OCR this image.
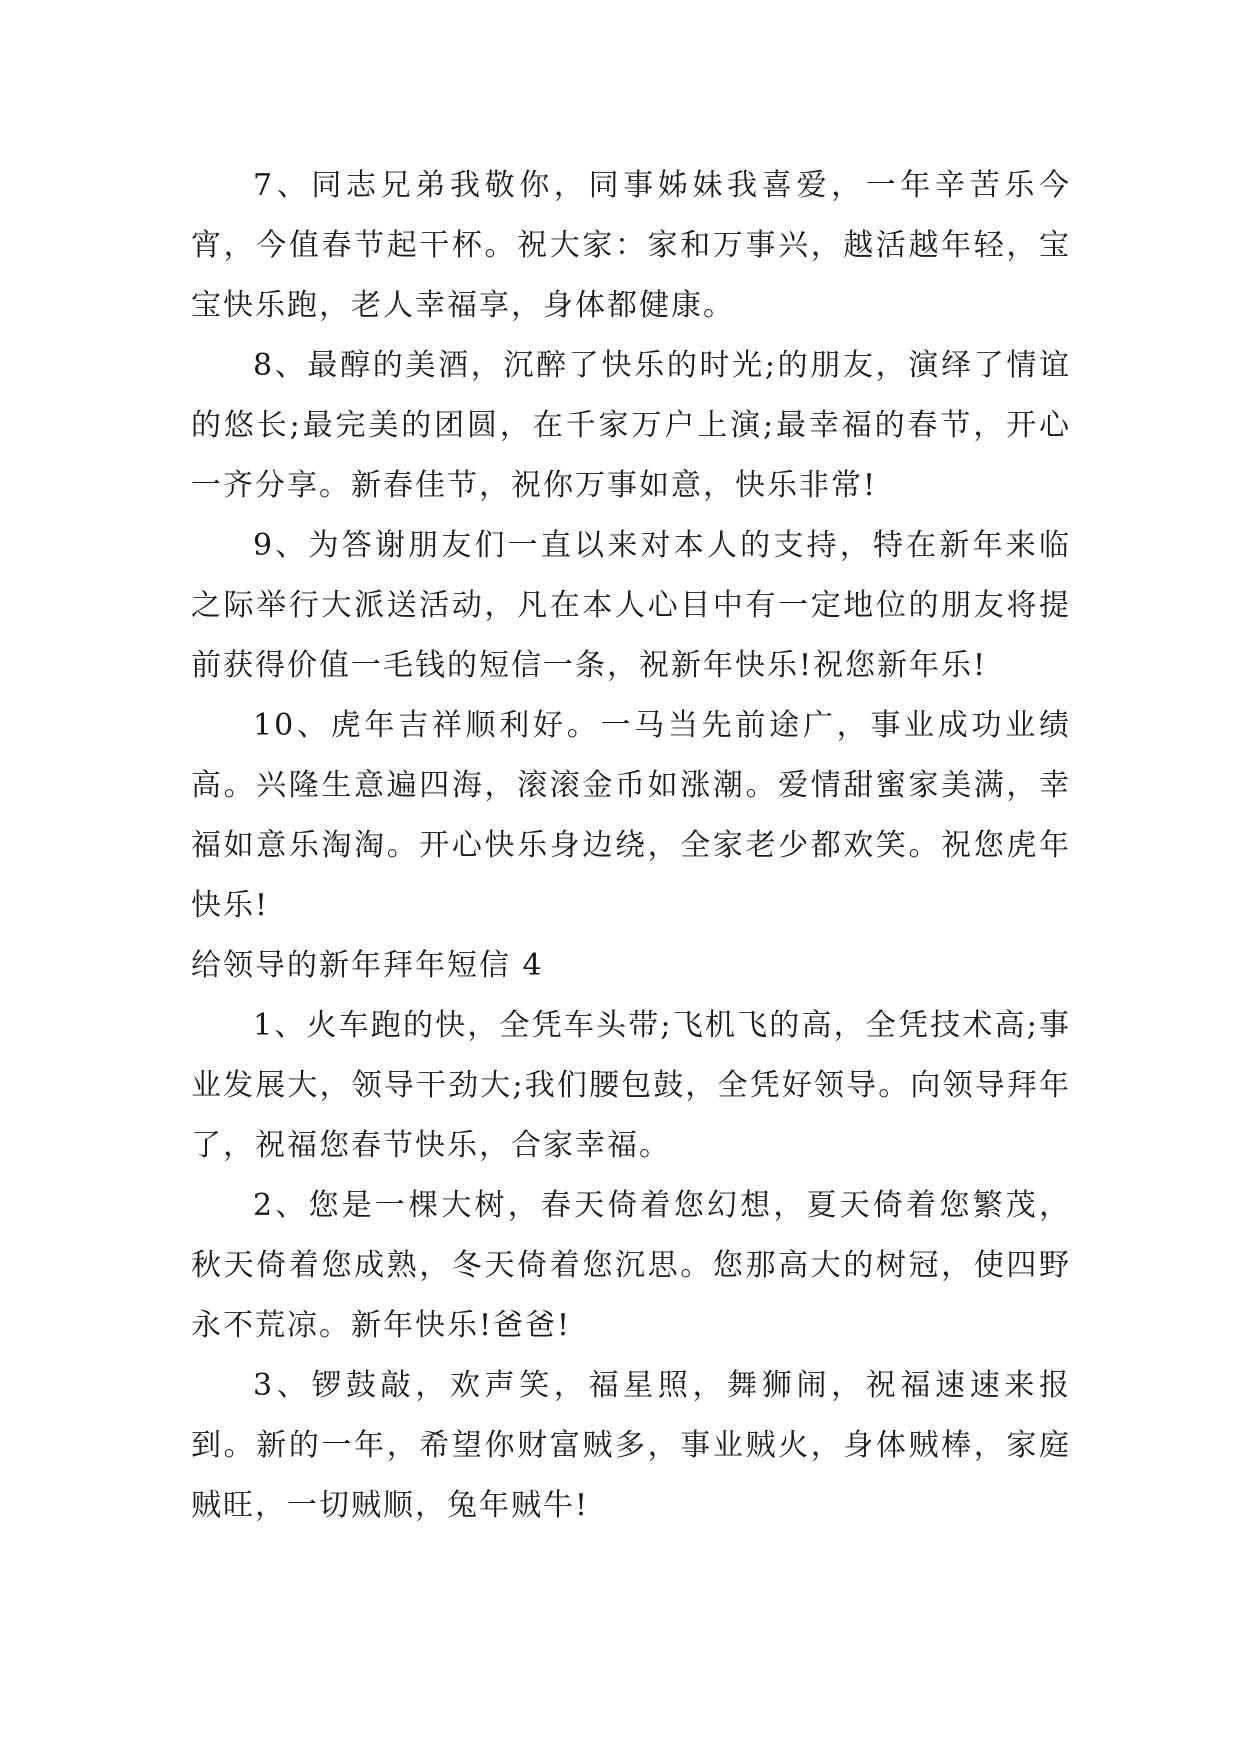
7、同志兄弟我敬你，同事姊妹我喜爱，一年辛苦乐今宵，今值春节起干杯。祝大家：家和万事兴，越活越年轻，宝宝快乐跑，老人幸福享，身体都健康。

8、最醇的美酒，沉醉了快乐的时光;的朋友，演绎了情谊的悠长;最完美的团圆，在千家万户上演;最幸福的春节，开心一齐分享。新春佳节，祝你万事如意，快乐非常!

9、为答谢朋友们一直以来对本人的支持，特在新年来临之际举行大派送活动，凡在本人心目中有一定地位的朋友将提前获得价值一毛钱的短信一条，祝新年快乐!祝您新年乐!

10、虎年吉祥顺利好。一马当先前途广，事业成功业绩高。兴隆生意遍四海，滚滚金币如涨潮。爱情甜蜜家美满，幸福如意乐淘淘。开心快乐身边绕，全家老少都欢笑。祝您虎年快乐!

给领导的新年拜年短信 4

1、火车跑的快，全凭车头带;飞机飞的高，全凭技术高;事业发展大，领导干劲大;我们腰包鼓，全凭好领导。向领导拜年了，祝福您春节快乐，合家幸福。

2、您是一棵大树，春天倚着您幻想，夏天倚着您繁茂，秋天倚着您成熟，冬天倚着您沉思。您那高大的树冠，使四野永不荒凉。新年快乐!爸爸!

3、锣鼓敲，欢声笑，福星照，舞狮闹，祝福速速来报到。新的一年，希望你财富贼多，事业贼火，身体贼棒，家庭贼旺，一切贼顺，兔年贼牛!
